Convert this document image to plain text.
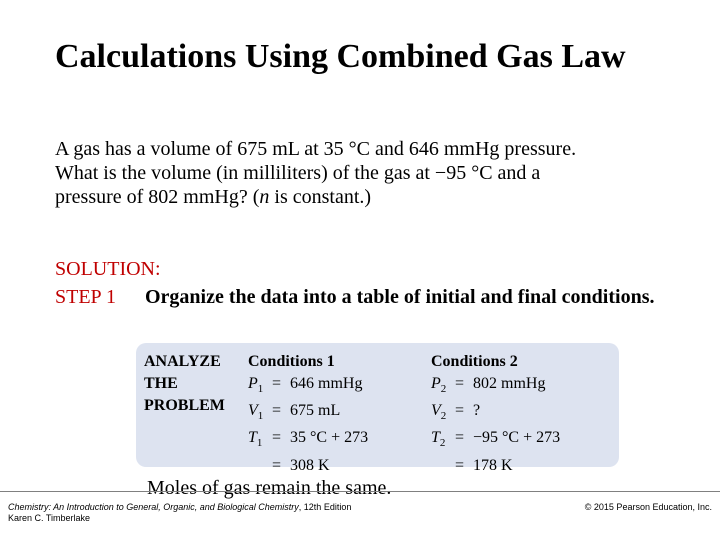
Calculations Using Combined Gas Law
A gas has a volume of 675 mL at 35 °C and 646 mmHg pressure.
What is the volume (in milliliters) of the gas at −95 °C and a
pressure of 802 mmHg? (n is constant.)
SOLUTION:
STEP 1 Organize the data into a table of initial and final conditions.
ANALYZE
THE
PROBLEM
Conditions 1
$P_1 = 646$ mmHg
$V_1 = 675$ mL
$T_1 = 35$ °C + 273
= 308 K
Conditions 2
$P_2 = 802$ mmHg
$V_2$ = ?
$T_2 = -95$ °C + 273
= 178 K
Moles of gas remain the same.
Chemistry: An Introduction to General, Organic, and Biological Chemistry, 12th Edition
Karen C. Timberlake
© 2015 Pearson Education, Inc.
